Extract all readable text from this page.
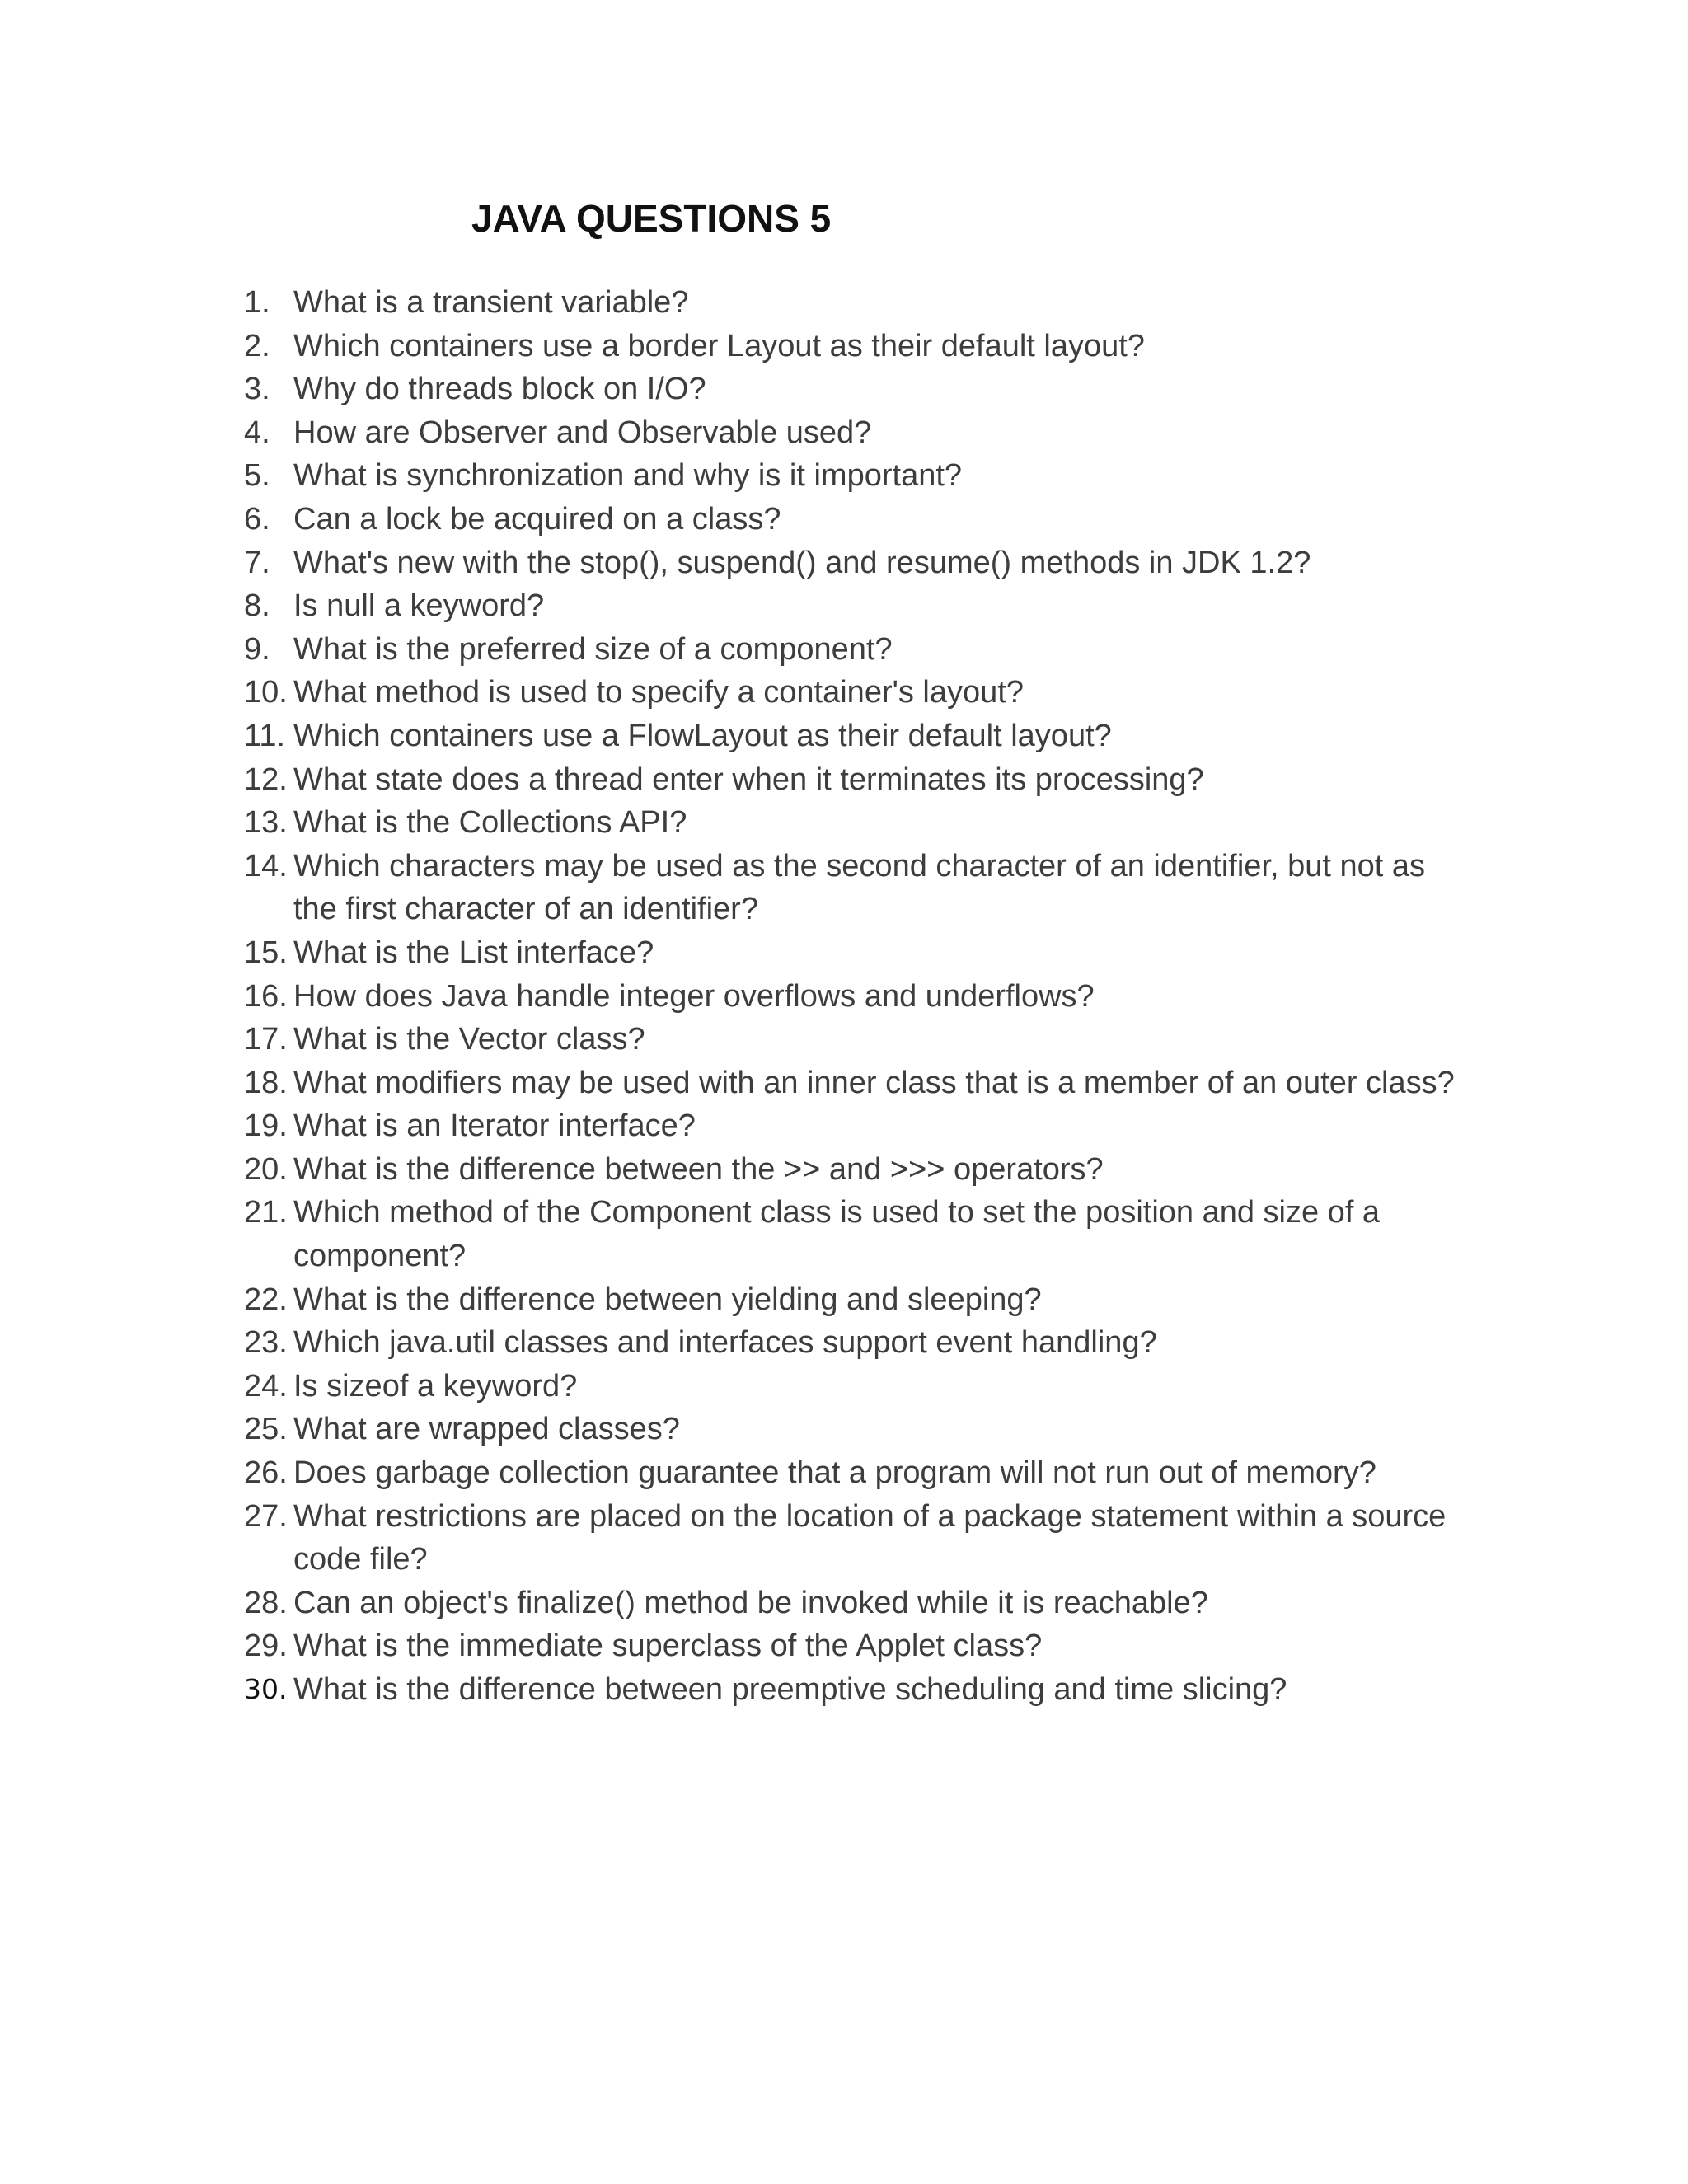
JAVA QUESTIONS 5
1. What is a transient variable?
2. Which containers use a border Layout as their default layout?
3. Why do threads block on I/O?
4. How are Observer and Observable used?
5. What is synchronization and why is it important?
6. Can a lock be acquired on a class?
7. What's new with the stop(), suspend() and resume() methods in JDK 1.2?
8. Is null a keyword?
9. What is the preferred size of a component?
10. What method is used to specify a container's layout?
11. Which containers use a FlowLayout as their default layout?
12. What state does a thread enter when it terminates its processing?
13. What is the Collections API?
14. Which characters may be used as the second character of an identifier, but not as the first character of an identifier?
15. What is the List interface?
16. How does Java handle integer overflows and underflows?
17. What is the Vector class?
18. What modifiers may be used with an inner class that is a member of an outer class?
19. What is an Iterator interface?
20. What is the difference between the >> and >>> operators?
21. Which method of the Component class is used to set the position and size of a component?
22. What is the difference between yielding and sleeping?
23. Which java.util classes and interfaces support event handling?
24. Is sizeof a keyword?
25. What are wrapped classes?
26. Does garbage collection guarantee that a program will not run out of memory?
27. What restrictions are placed on the location of a package statement within a source code file?
28. Can an object's finalize() method be invoked while it is reachable?
29. What is the immediate superclass of the Applet class?
30. What is the difference between preemptive scheduling and time slicing?
